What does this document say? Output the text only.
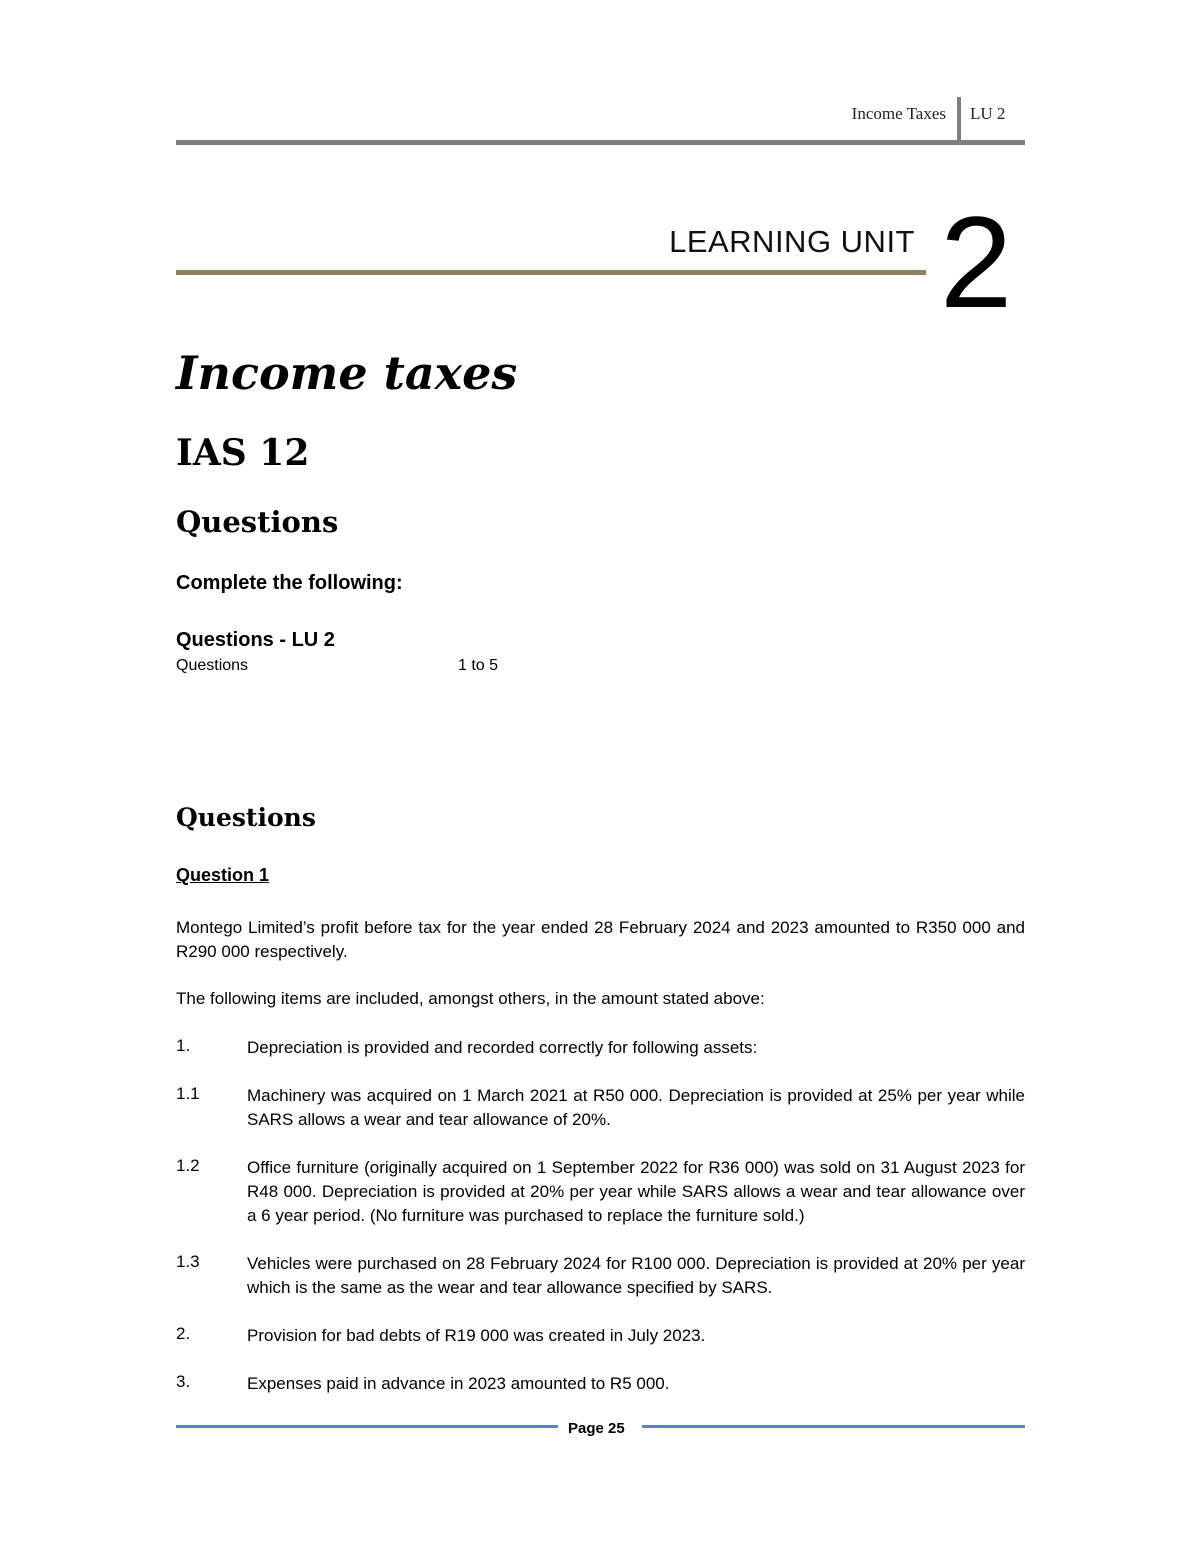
Income Taxes LU 2
LEARNING UNIT 2
Income taxes
IAS 12
Questions
Complete the following:
Questions - LU 2
Questions	1 to 5
Questions
Question 1
Montego Limited’s profit before tax for the year ended 28 February 2024 and 2023 amounted to R350 000 and R290 000 respectively.
The following items are included, amongst others, in the amount stated above:
1.	Depreciation is provided and recorded correctly for following assets:
1.1	Machinery was acquired on 1 March 2021 at R50 000. Depreciation is provided at 25% per year while SARS allows a wear and tear allowance of 20%.
1.2	Office furniture (originally acquired on 1 September 2022 for R36 000) was sold on 31 August 2023 for R48 000. Depreciation is provided at 20% per year while SARS allows a wear and tear allowance over a 6 year period. (No furniture was purchased to replace the furniture sold.)
1.3	Vehicles were purchased on 28 February 2024 for R100 000. Depreciation is provided at 20% per year which is the same as the wear and tear allowance specified by SARS.
2.	Provision for bad debts of R19 000 was created in July 2023.
3.	Expenses paid in advance in 2023 amounted to R5 000.
Page 25
